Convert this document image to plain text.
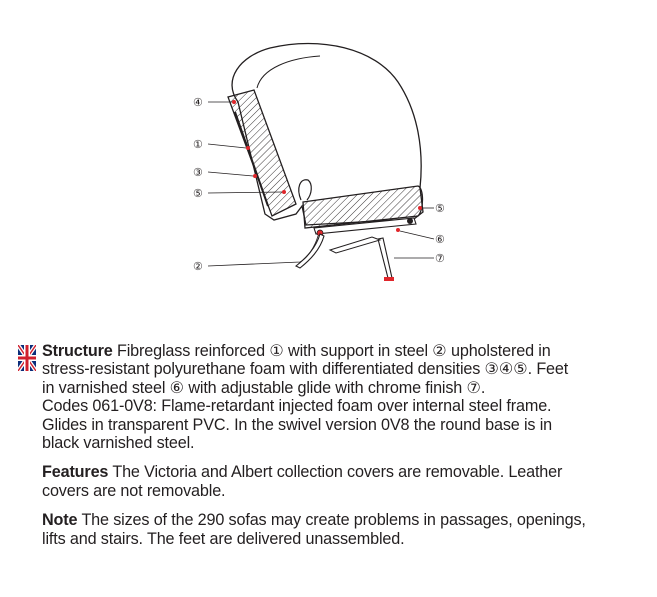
④
①
③
⑤
②
⑤
⑥
⑦

Structure Fibreglass reinforced ① with support in steel ② upholstered in
stress-resistant polyurethane foam with differentiated densities ③④⑤. Feet
in varnished steel ⑥ with adjustable glide with chrome finish ⑦.
Codes 061-0V8: Flame-retardant injected foam over internal steel frame.
Glides in transparent PVC. In the swivel version 0V8 the round base is in
black varnished steel.

Features The Victoria and Albert collection covers are removable. Leather
covers are not removable.

Note The sizes of the 290 sofas may create problems in passages, openings,
lifts and stairs. The feet are delivered unassembled.
